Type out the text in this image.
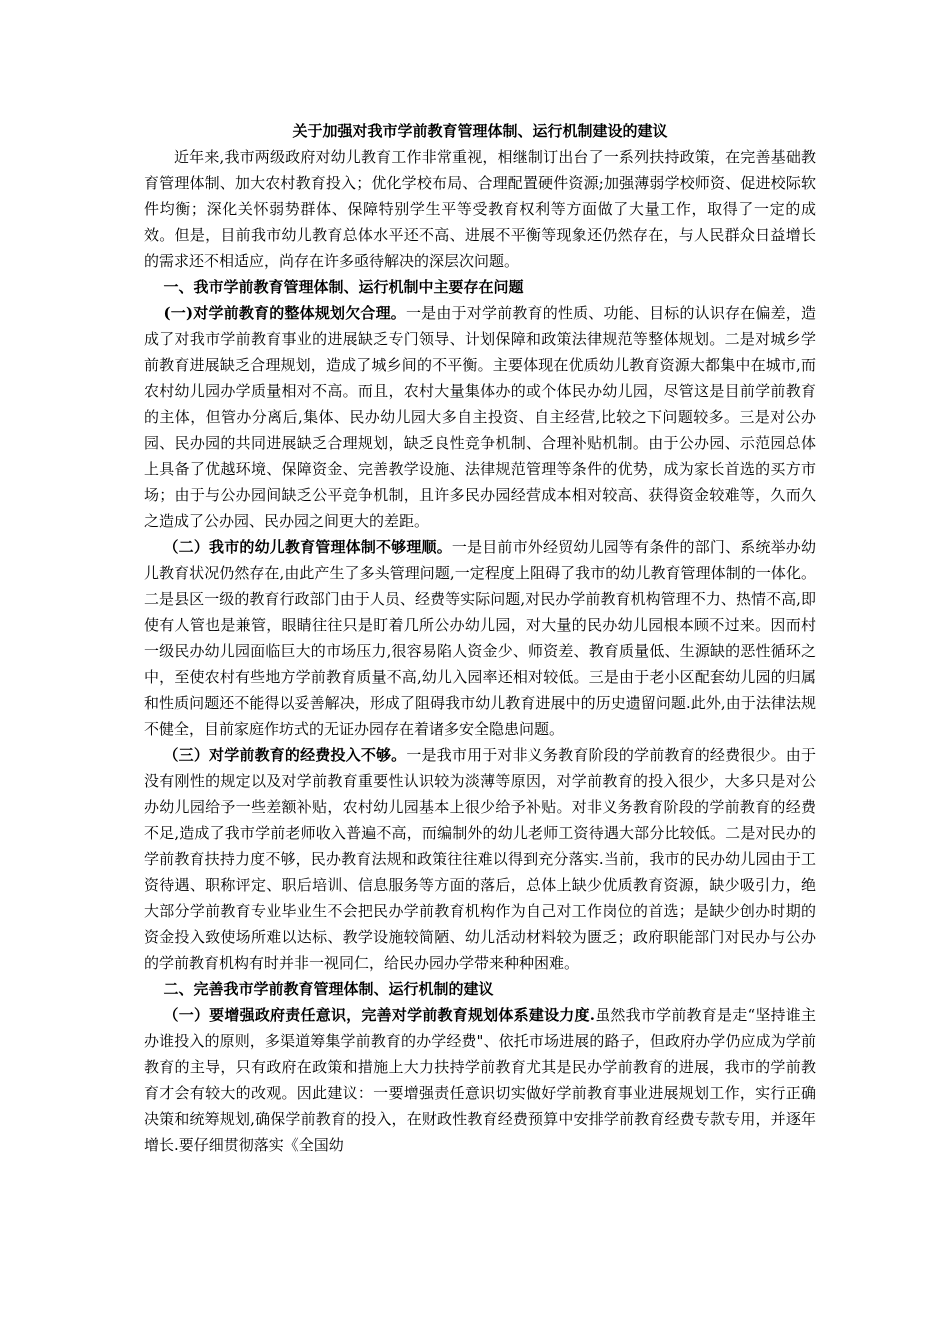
关于加强对我市学前教育管理体制、运行机制建设的建议

近年来,我市两级政府对幼儿教育工作非常重视，相继制订出台了一系列扶持政策，在完善基础教育管理体制、加大农村教育投入；优化学校布局、合理配置硬件资源;加强薄弱学校师资、促进校际软件均衡；深化关怀弱势群体、保障特别学生平等受教育权利等方面做了大量工作，取得了一定的成效。但是，目前我市幼儿教育总体水平还不高、进展不平衡等现象还仍然存在，与人民群众日益增长的需求还不相适应，尚存在许多亟待解决的深层次问题。

一、我市学前教育管理体制、运行机制中主要存在问题

(一)对学前教育的整体规划欠合理。一是由于对学前教育的性质、功能、目标的认识存在偏差，造成了对我市学前教育事业的进展缺乏专门领导、计划保障和政策法律规范等整体规划。二是对城乡学前教育进展缺乏合理规划，造成了城乡间的不平衡。主要体现在优质幼儿教育资源大都集中在城市,而农村幼儿园办学质量相对不高。而且，农村大量集体办的或个体民办幼儿园，尽管这是目前学前教育的主体，但管办分离后,集体、民办幼儿园大多自主投资、自主经营,比较之下问题较多。三是对公办园、民办园的共同进展缺乏合理规划，缺乏良性竞争机制、合理补贴机制。由于公办园、示范园总体上具备了优越环境、保障资金、完善教学设施、法律规范管理等条件的优势，成为家长首选的买方市场；由于与公办园间缺乏公平竞争机制，且许多民办园经营成本相对较高、获得资金较难等，久而久之造成了公办园、民办园之间更大的差距。

（二）我市的幼儿教育管理体制不够理顺。一是目前市外经贸幼儿园等有条件的部门、系统举办幼儿教育状况仍然存在,由此产生了多头管理问题,一定程度上阻碍了我市的幼儿教育管理体制的一体化。二是县区一级的教育行政部门由于人员、经费等实际问题,对民办学前教育机构管理不力、热情不高,即使有人管也是兼管，眼睛往往只是盯着几所公办幼儿园，对大量的民办幼儿园根本顾不过来。因而村一级民办幼儿园面临巨大的市场压力,很容易陷人资金少、师资差、教育质量低、生源缺的恶性循环之中，至使农村有些地方学前教育质量不高,幼儿入园率还相对较低。三是由于老小区配套幼儿园的归属和性质问题还不能得以妥善解决，形成了阻碍我市幼儿教育进展中的历史遗留问题.此外,由于法律法规不健全，目前家庭作坊式的无证办园存在着诸多安全隐患问题。

（三）对学前教育的经费投入不够。一是我市用于对非义务教育阶段的学前教育的经费很少。由于没有刚性的规定以及对学前教育重要性认识较为淡薄等原因，对学前教育的投入很少，大多只是对公办幼儿园给予一些差额补贴，农村幼儿园基本上很少给予补贴。对非义务教育阶段的学前教育的经费不足,造成了我市学前老师收入普遍不高，而编制外的幼儿老师工资待遇大部分比较低。二是对民办的学前教育扶持力度不够，民办教育法规和政策往往难以得到充分落实.当前，我市的民办幼儿园由于工资待遇、职称评定、职后培训、信息服务等方面的落后，总体上缺少优质教育资源，缺少吸引力，绝大部分学前教育专业毕业生不会把民办学前教育机构作为自己对工作岗位的首选；是缺少创办时期的资金投入致使场所难以达标、教学设施较简陋、幼儿活动材料较为匮乏；政府职能部门对民办与公办的学前教育机构有时并非一视同仁，给民办园办学带来种种困难。

二、完善我市学前教育管理体制、运行机制的建议

（一）要增强政府责任意识，完善对学前教育规划体系建设力度.虽然我市学前教育是走“坚持谁主办谁投入的原则，多渠道筹集学前教育的办学经费"、依托市场进展的路子，但政府办学仍应成为学前教育的主导，只有政府在政策和措施上大力扶持学前教育尤其是民办学前教育的进展，我市的学前教育才会有较大的改观。因此建议：一要增强责任意识切实做好学前教育事业进展规划工作，实行正确决策和统筹规划,确保学前教育的投入，在财政性教育经费预算中安排学前教育经费专款专用，并逐年增长.要仔细贯彻落实《全国幼
